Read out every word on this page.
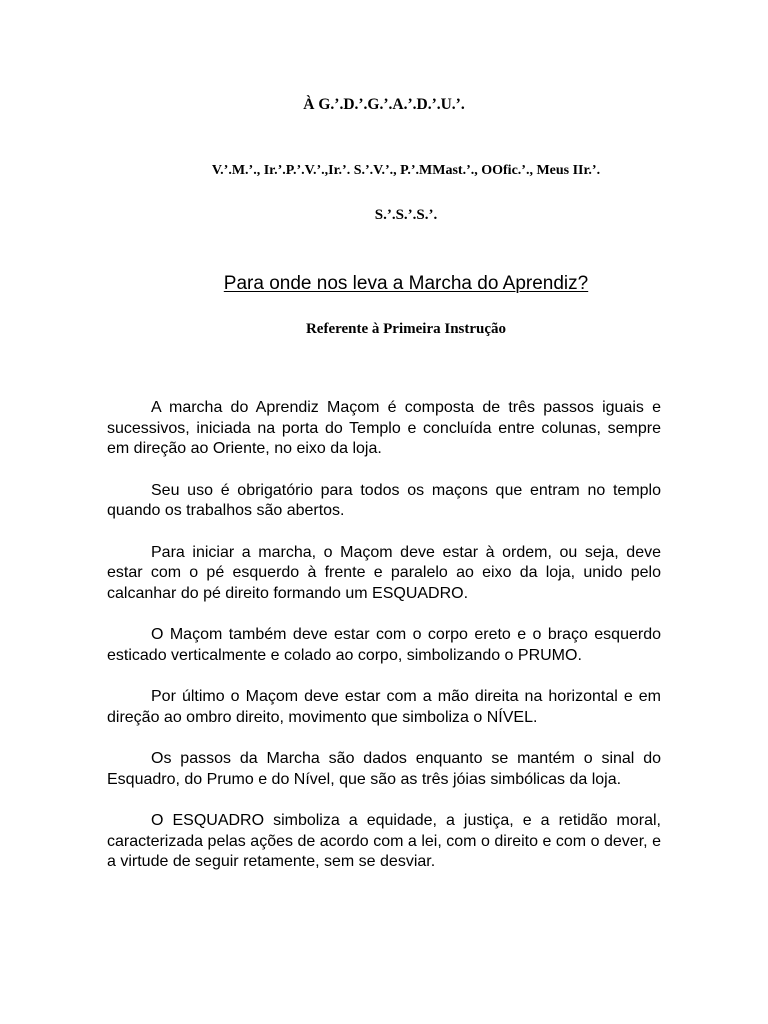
À G.’.D.’.G.’.A.’.D.’.U.’.

V.’.M.’., Ir.’.P.’.V.’.,Ir.’. S.’.V.’., P.’.MMast.’., OOfic.’., Meus IIr.’.

S.’.S.’.S.’.

Para onde nos leva a Marcha do Aprendiz?

Referente à Primeira Instrução

A marcha do Aprendiz Maçom é composta de três passos iguais e sucessivos, iniciada na porta do Templo e concluída entre colunas, sempre em direção ao Oriente, no eixo da loja.

Seu uso é obrigatório para todos os maçons que entram no templo quando os trabalhos são abertos.

Para iniciar a marcha, o Maçom deve estar à ordem, ou seja, deve estar com o pé esquerdo à frente e paralelo ao eixo da loja, unido pelo calcanhar do pé direito formando um ESQUADRO.

O Maçom também deve estar com o corpo ereto e o braço esquerdo esticado verticalmente e colado ao corpo, simbolizando o PRUMO.

Por último o Maçom deve estar com a mão direita na horizontal e em direção ao ombro direito, movimento que simboliza o NÍVEL.

Os passos da Marcha são dados enquanto se mantém o sinal do Esquadro, do Prumo e do Nível, que são as três jóias simbólicas da loja.

O ESQUADRO simboliza a equidade, a justiça, e a retidão moral, caracterizada pelas ações de acordo com a lei, com o direito e com o dever, e a virtude de seguir retamente, sem se desviar.
